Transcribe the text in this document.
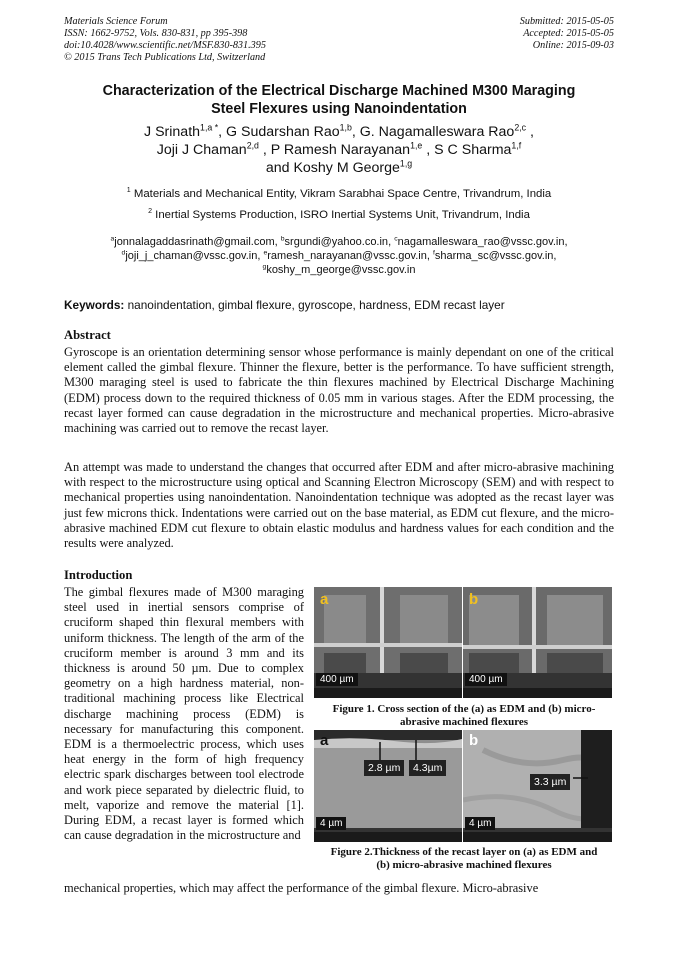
Materials Science Forum
ISSN: 1662-9752, Vols. 830-831, pp 395-398
doi:10.4028/www.scientific.net/MSF.830-831.395
© 2015 Trans Tech Publications Ltd, Switzerland
Submitted: 2015-05-05
Accepted: 2015-05-05
Online: 2015-09-03
Characterization of the Electrical Discharge Machined M300 Maraging
Steel Flexures using Nanoindentation
J Srinath$^{1,a *}$, G Sudarshan Rao$^{1,b}$, G. Nagamalleswara Rao$^{2,c}$ ,
Joji J Chaman$^{2,d}$ , P Ramesh Narayanan$^{1,e}$ , S C Sharma$^{1,f}$
and Koshy M George$^{1,g}$
$^1$ Materials and Mechanical Entity, Vikram Sarabhai Space Centre, Trivandrum, India
$^2$ Inertial Systems Production, ISRO Inertial Systems Unit, Trivandrum, India
$^a$jonnalagaddasrinath@gmail.com, $^b$srgundi@yahoo.co.in, $^c$nagamalleswara_rao@vssc.gov.in,
$^d$joji_j_chaman@vssc.gov.in, $^e$ramesh_narayanan@vssc.gov.in, $^f$sharma_sc@vssc.gov.in,
$^g$koshy_m_george@vssc.gov.in
Keywords: nanoindentation, gimbal flexure, gyroscope, hardness, EDM recast layer
Abstract
Gyroscope is an orientation determining sensor whose performance is mainly dependant on one of the critical element called the gimbal flexure. Thinner the flexure, better is the performance. To have sufficient strength, M300 maraging steel is used to fabricate the thin flexures machined by Electrical Discharge Machining (EDM) process down to the required thickness of 0.05 mm in various stages. After the EDM processing, the recast layer formed can cause degradation in the microstructure and mechanical properties. Micro-abrasive machining was carried out to remove the recast layer.
An attempt was made to understand the changes that occurred after EDM and after micro-abrasive machining with respect to the microstructure using optical and Scanning Electron Microscopy (SEM) and with respect to mechanical properties using nanoindentation. Nanoindentation technique was adopted as the recast layer was just few microns thick. Indentations were carried out on the base material, as EDM cut flexure, and the micro-abrasive machined EDM cut flexure to obtain elastic modulus and hardness values for each condition and the results were analyzed.
Introduction
The gimbal flexures made of M300 maraging steel used in inertial sensors comprise of cruciform shaped thin flexural members with uniform thickness. The length of the arm of the cruciform member is around 3 mm and its thickness is around 50 µm. Due to complex geometry on a high hardness material, non-traditional machining process like Electrical discharge machining process (EDM) is necessary for manufacturing this component. EDM is a thermoelectric process, which uses heat energy in the form of high frequency electric spark discharges between tool electrode and work piece separated by dielectric fluid, to melt, vaporize and remove the material [1]. During EDM, a recast layer is formed which can cause degradation in the microstructure and
mechanical properties, which may affect the performance of the gimbal flexure. Micro-abrasive
a
400 µm
b
400 µm
Figure 1. Cross section of the (a) as EDM and (b) micro-
abrasive machined flexures
a
2.8 µm	4.3µm
4 µm
b
3.3 µm
4 µm
Figure 2.Thickness of the recast layer on (a) as EDM and
(b) micro-abrasive machined flexures
